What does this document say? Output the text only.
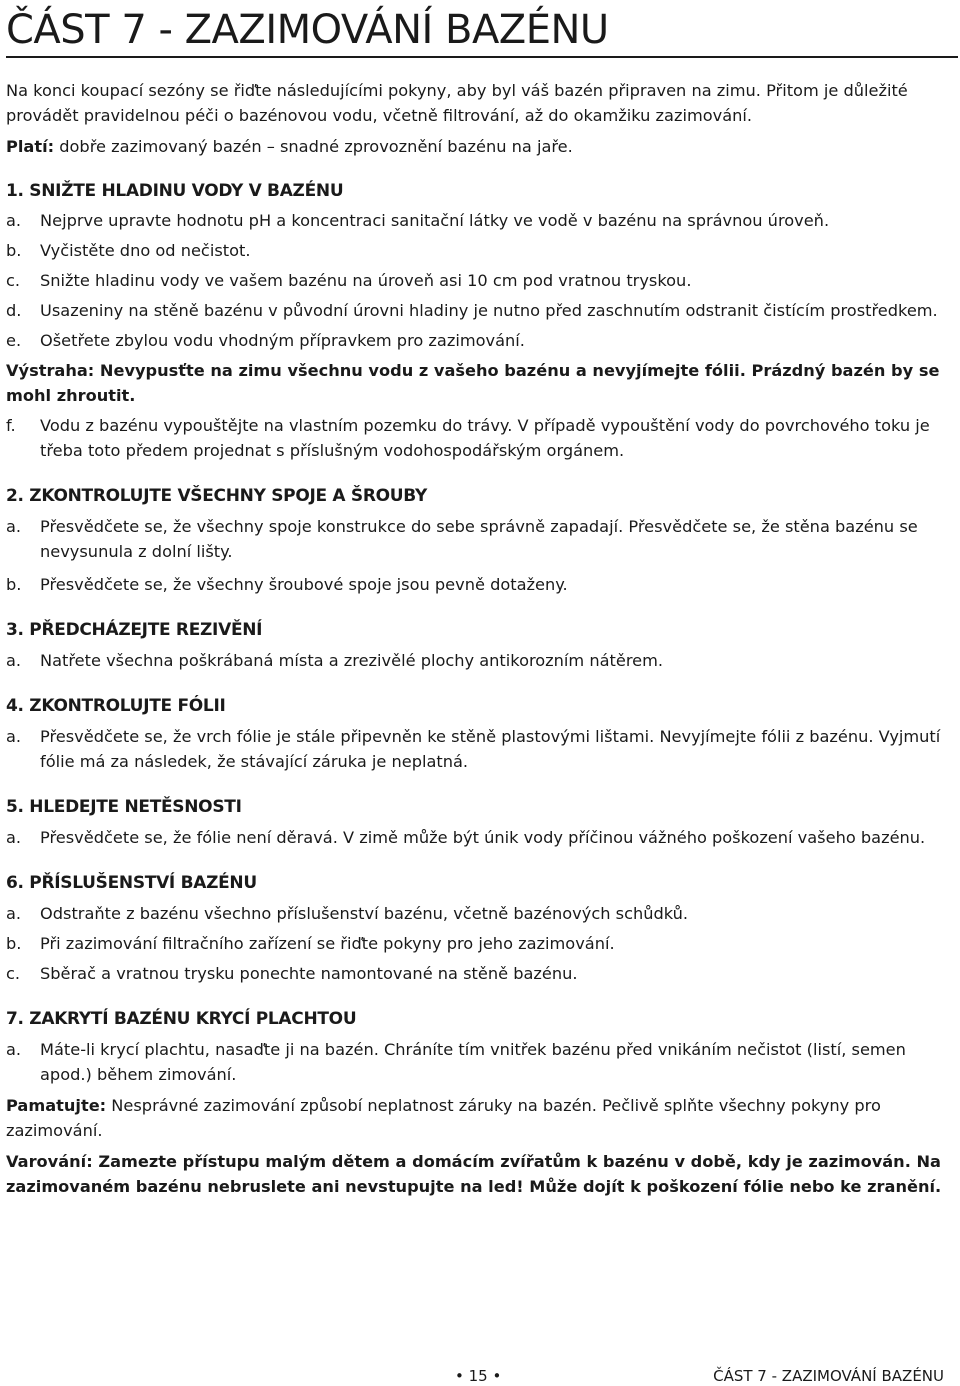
ČÁST 7 - ZAZIMOVÁNÍ BAZÉNU

Na konci koupací sezóny se řiďte následujícími pokyny, aby byl váš bazén připraven na zimu. Přitom je důležité provádět pravidelnou péči o bazénovou vodu, včetně filtrování, až do okamžiku zazimování.

Platí: dobře zazimovaný bazén – snadné zprovoznění bazénu na jaře.

1. SNIŽTE HLADINU VODY V BAZÉNU
a.	Nejprve upravte hodnotu pH a koncentraci sanitační látky ve vodě v bazénu na správnou úroveň.
b.	Vyčistěte dno od nečistot.
c.	Snižte hladinu vody ve vašem bazénu na úroveň asi 10 cm pod vratnou tryskou.
d.	Usazeniny na stěně bazénu v původní úrovni hladiny je nutno před zaschnutím odstranit čistícím prostředkem.
e.	Ošetřete zbylou vodu vhodným přípravkem pro zazimování.
Výstraha: Nevypusťte na zimu všechnu vodu z vašeho bazénu a nevyjímejte fólii. Prázdný bazén by se mohl zhroutit.
f.	Vodu z bazénu vypouštějte na vlastním pozemku do trávy. V případě vypouštění vody do povrchového toku je třeba toto předem projednat s příslušným vodohospodářským orgánem.
2. ZKONTROLUJTE VŠECHNY SPOJE A ŠROUBY
a.	Přesvědčete se, že všechny spoje konstrukce do sebe správně zapadají. Přesvědčete se, že stěna bazénu se nevysunula z dolní lišty.
b.	Přesvědčete se, že všechny šroubové spoje jsou pevně dotaženy.
3. PŘEDCHÁZEJTE REZIVĚNÍ
a.	Natřete všechna poškrábaná místa a zrezivělé plochy antikorozním nátěrem.
4. ZKONTROLUJTE FÓLII
a.	Přesvědčete se, že vrch fólie je stále připevněn ke stěně plastovými lištami. Nevyjímejte fólii z bazénu. Vyjmutí fólie má za následek, že stávající záruka je neplatná.
5. HLEDEJTE NETĚSNOSTI
a.	Přesvědčete se, že fólie není děravá. V zimě může být únik vody příčinou vážného poškození vašeho bazénu.
6. PŘÍSLUŠENSTVÍ BAZÉNU
a.	Odstraňte z bazénu všechno příslušenství bazénu, včetně bazénových schůdků.
b.	Při zazimování filtračního zařízení se řiďte pokyny pro jeho zazimování.
c.	Sběrač a vratnou trysku ponechte namontované na stěně bazénu.
7. ZAKRYTÍ BAZÉNU KRYCÍ PLACHTOU
a.	Máte-li krycí plachtu, nasaďte ji na bazén. Chráníte tím vnitřek bazénu před vnikáním nečistot (listí, semen apod.) během zimování.
Pamatujte: Nesprávné zazimování způsobí neplatnost záruky na bazén. Pečlivě splňte všechny pokyny pro zazimování.
Varování: Zamezte přístupu malým dětem a domácím zvířatům k bazénu v době, kdy je zazimován. Na zazimovaném bazénu nebruslete ani nevstupujte na led! Může dojít k poškození fólie nebo ke zranění.
• 15 •	ČÁST 7 - ZAZIMOVÁNÍ BAZÉNU
